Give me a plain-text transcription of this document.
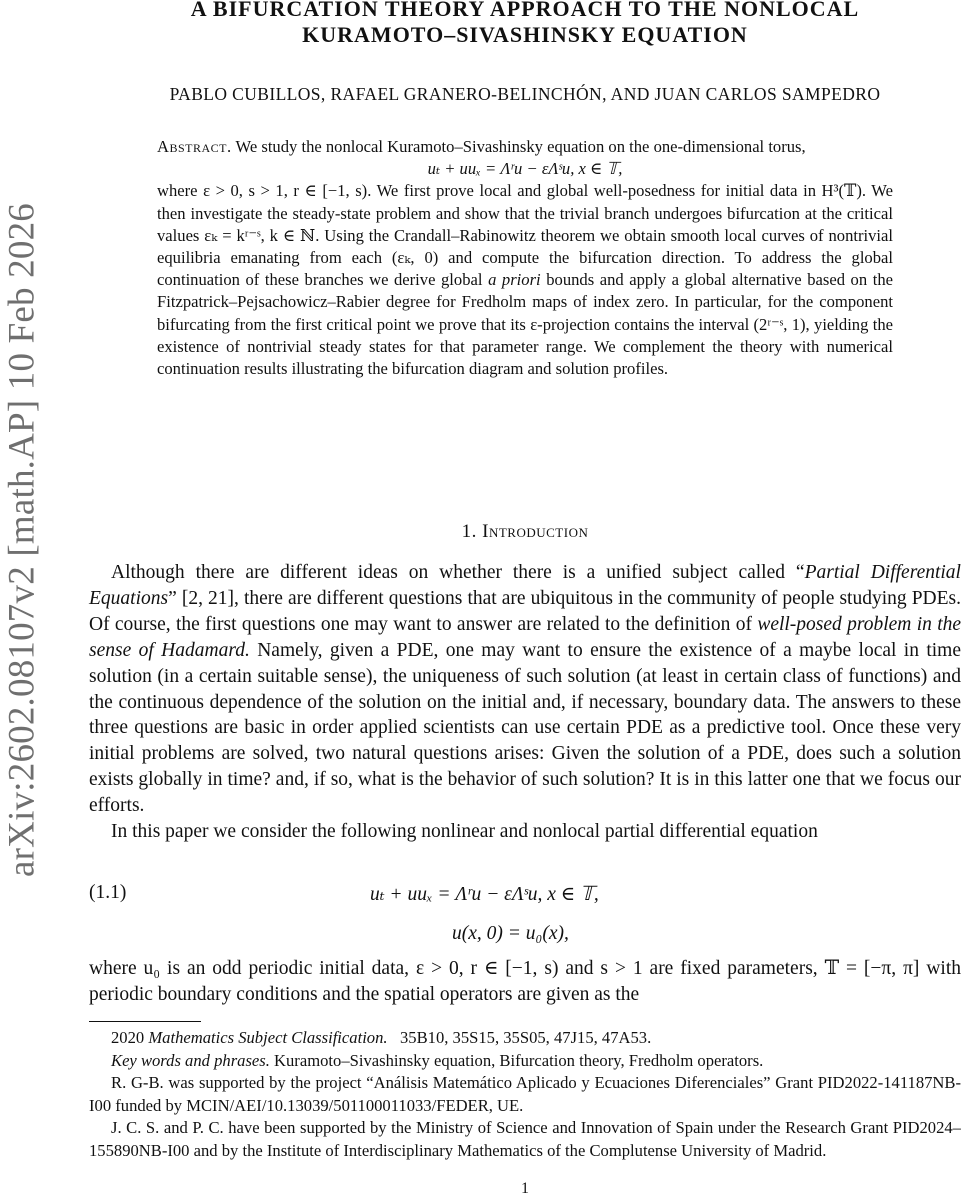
arXiv:2602.08107v2 [math.AP] 10 Feb 2026
A BIFURCATION THEORY APPROACH TO THE NONLOCAL
KURAMOTO–SIVASHINSKY EQUATION
PABLO CUBILLOS, RAFAEL GRANERO-BELINCHÓN, AND JUAN CARLOS SAMPEDRO
Abstract. We study the nonlocal Kuramoto–Sivashinsky equation on the one-dimensional torus,
uₜ + uuₓ = Λʳu − εΛˢu, x ∈ 𝕋,
where ε > 0, s > 1, r ∈ [−1, s). We first prove local and global well-posedness for initial data in H³(𝕋). We then investigate the steady-state problem and show that the trivial branch undergoes bifurcation at the critical values εₖ = kʳ⁻ˢ, k ∈ ℕ. Using the Crandall–Rabinowitz theorem we obtain smooth local curves of nontrivial equilibria emanating from each (εₖ, 0) and compute the bifurcation direction. To address the global continuation of these branches we derive global a priori bounds and apply a global alternative based on the Fitzpatrick–Pejsachowicz–Rabier degree for Fredholm maps of index zero. In particular, for the component bifurcating from the first critical point we prove that its ε-projection contains the interval (2ʳ⁻ˢ, 1), yielding the existence of nontrivial steady states for that parameter range. We complement the theory with numerical continuation results illustrating the bifurcation diagram and solution profiles.
1. Introduction

Although there are different ideas on whether there is a unified subject called “Partial Differential Equations” [2, 21], there are different questions that are ubiquitous in the community of people studying PDEs. Of course, the first questions one may want to answer are related to the definition of well-posed problem in the sense of Hadamard. Namely, given a PDE, one may want to ensure the existence of a maybe local in time solution (in a certain suitable sense), the uniqueness of such solution (at least in certain class of functions) and the continuous dependence of the solution on the initial and, if necessary, boundary data. The answers to these three questions are basic in order applied scientists can use certain PDE as a predictive tool. Once these very initial problems are solved, two natural questions arises: Given the solution of a PDE, does such a solution exists globally in time? and, if so, what is the behavior of such solution? It is in this latter one that we focus our efforts.

In this paper we consider the following nonlinear and nonlocal partial differential equation

(1.1)	uₜ + uuₓ = Λʳu − εΛˢu, x ∈ 𝕋,
u(x, 0) = u₀(x),

where u₀ is an odd periodic initial data, ε > 0, r ∈ [−1, s) and s > 1 are fixed parameters, 𝕋 = [−π, π] with periodic boundary conditions and the spatial operators are given as the

2020 Mathematics Subject Classification. 35B10, 35S15, 35S05, 47J15, 47A53.

Key words and phrases. Kuramoto–Sivashinsky equation, Bifurcation theory, Fredholm operators.

R. G-B. was supported by the project “Análisis Matemático Aplicado y Ecuaciones Diferenciales” Grant PID2022-141187NB-I00 funded by MCIN/AEI/10.13039/501100011033/FEDER, UE.

J. C. S. and P. C. have been supported by the Ministry of Science and Innovation of Spain under the Research Grant PID2024–155890NB-I00 and by the Institute of Interdisciplinary Mathematics of the Complutense University of Madrid.

1
